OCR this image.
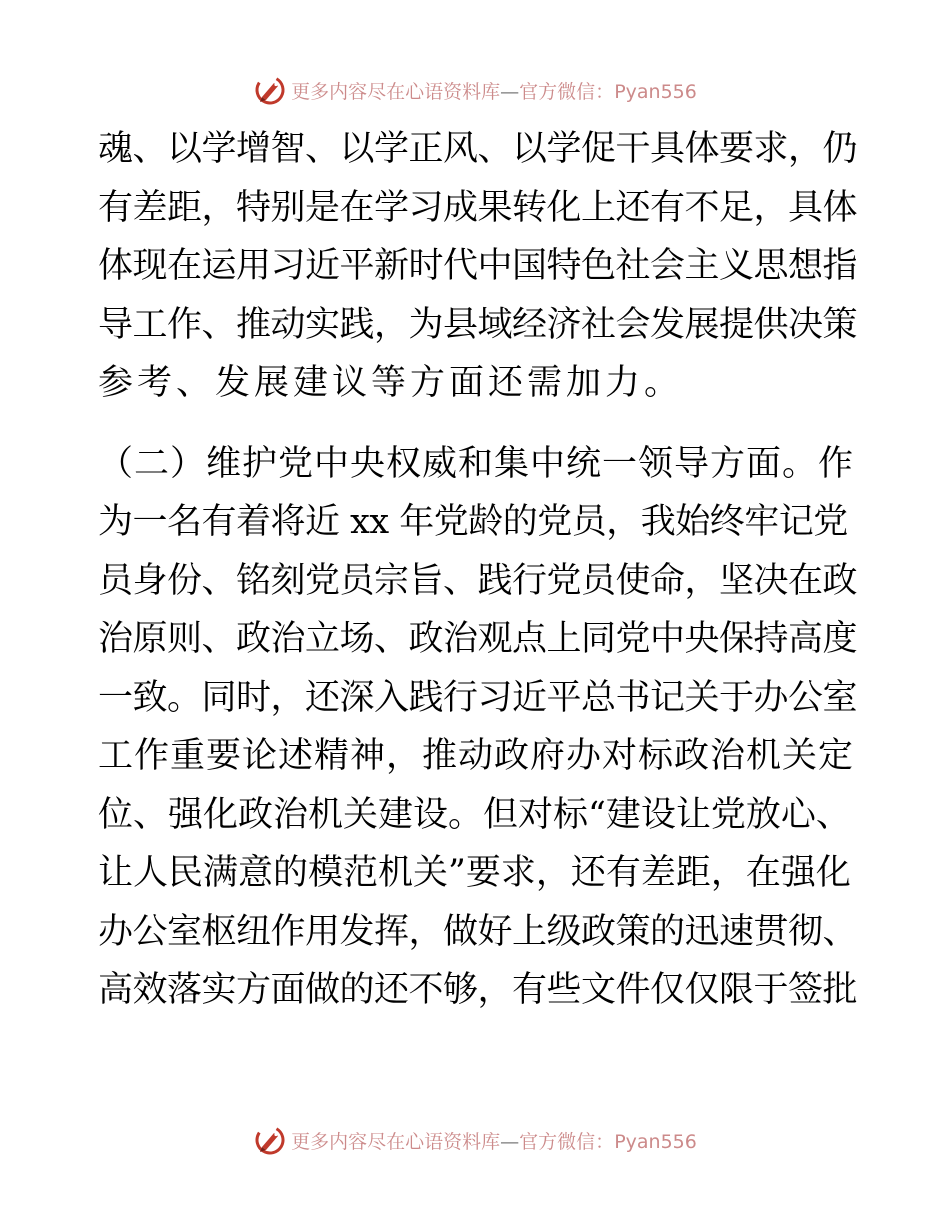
更多内容尽在心语资料库—官方微信：Pyan556
魂、以学增智、以学正风、以学促干具体要求，仍
有差距，特别是在学习成果转化上还有不足，具体
体现在运用习近平新时代中国特色社会主义思想指
导工作、推动实践，为县域经济社会发展提供决策
参考、发展建议等方面还需加力。
（二）维护党中央权威和集中统一领导方面。作
为一名有着将近 xx 年党龄的党员，我始终牢记党
员身份、铭刻党员宗旨、践行党员使命，坚决在政
治原则、政治立场、政治观点上同党中央保持高度
一致。同时，还深入践行习近平总书记关于办公室
工作重要论述精神，推动政府办对标政治机关定
位、强化政治机关建设。但对标“建设让党放心、
让人民满意的模范机关”要求，还有差距，在强化
办公室枢纽作用发挥，做好上级政策的迅速贯彻、
高效落实方面做的还不够，有些文件仅仅限于签批
更多内容尽在心语资料库—官方微信：Pyan556
